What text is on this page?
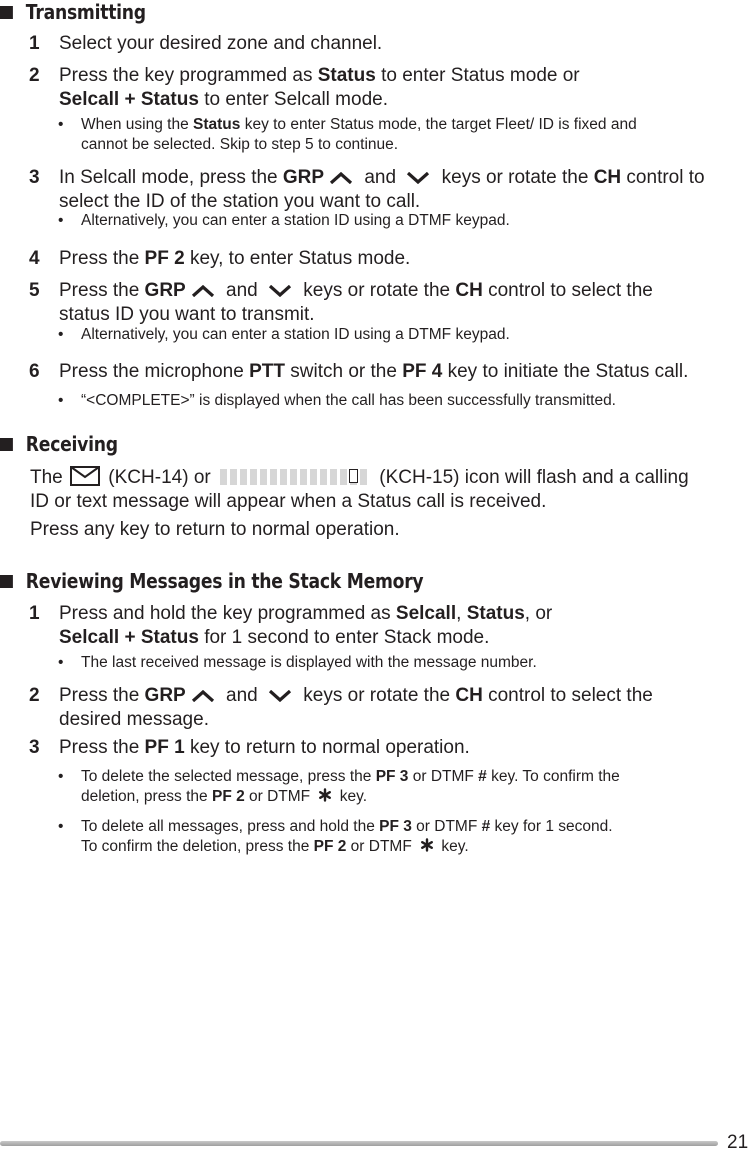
Transmitting
1 Select your desired zone and channel.
2 Press the key programmed as Status to enter Status mode or
Selcall + Status to enter Selcall mode.
• When using the Status key to enter Status mode, the target Fleet/ ID is fixed and
cannot be selected. Skip to step 5 to continue.
3 In Selcall mode, press the GRP and  keys or rotate the CH control to
select the ID of the station you want to call.
• Alternatively, you can enter a station ID using a DTMF keypad.
4 Press the PF 2 key, to enter Status mode.
5 Press the GRP and  keys or rotate the CH control to select the
status ID you want to transmit.
• Alternatively, you can enter a station ID using a DTMF keypad.
6 Press the microphone PTT switch or the PF 4 key to initiate the Status call.
• “<COMPLETE>” is displayed when the call has been successfully transmitted.
Receiving
The  (KCH-14) or	(KCH-15) icon will flash and a calling
ID or text message will appear when a Status call is received.
Press any key to return to normal operation.
Reviewing Messages in the Stack Memory
1 Press and hold the key programmed as Selcall, Status, or
Selcall + Status for 1 second to enter Stack mode.
• The last received message is displayed with the message number.
2 Press the GRP and  keys or rotate the CH control to select the
desired message.
3 Press the PF 1 key to return to normal operation.
• To delete the selected message, press the PF 3 or DTMF # key. To confirm the
deletion, press the PF 2 or DTMF  key.
• To delete all messages, press and hold the PF 3 or DTMF # key for 1 second.
To confirm the deletion, press the PF 2 or DTMF  key.
21
